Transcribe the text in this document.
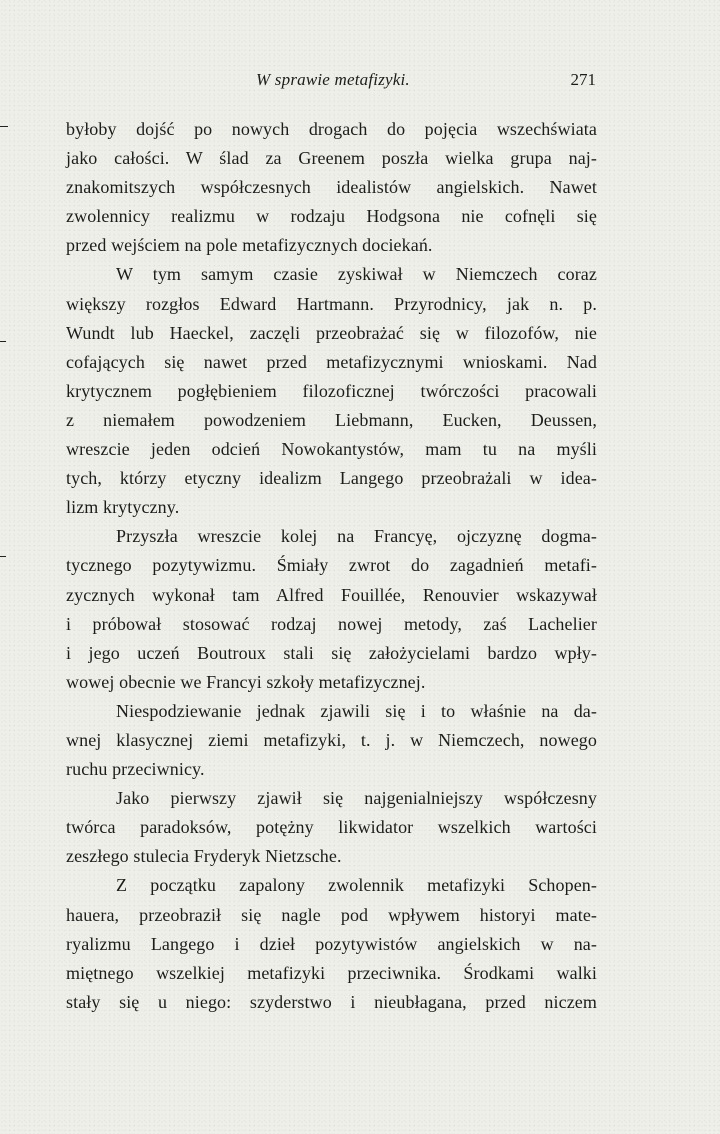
W sprawie metafizyki.	271
byłoby dojść po nowych drogach do pojęcia wszechświata
jako całości. W ślad za Greenem poszła wielka grupa naj-
znakomitszych współczesnych idealistów angielskich. Nawet
zwolennicy realizmu w rodzaju Hodgsona nie cofnęli się
przed wejściem na pole metafizycznych dociekań.
W tym samym czasie zyskiwał w Niemczech coraz
większy rozgłos Edward Hartmann. Przyrodnicy, jak n. p.
Wundt lub Haeckel, zaczęli przeobrażać się w filozofów, nie
cofających się nawet przed metafizycznymi wnioskami. Nad
krytycznem pogłębieniem filozoficznej twórczości pracowali
z niemałem powodzeniem Liebmann, Eucken, Deussen,
wreszcie jeden odcień Nowokantystów, mam tu na myśli
tych, którzy etyczny idealizm Langego przeobrażali w idea-
lizm krytyczny.
Przyszła wreszcie kolej na Francyę, ojczyznę dogma-
tycznego pozytywizmu. Śmiały zwrot do zagadnień metafi-
zycznych wykonał tam Alfred Fouillée, Renouvier wskazywał
i próbował stosować rodzaj nowej metody, zaś Lachelier
i jego uczeń Boutroux stali się założycielami bardzo wpły-
wowej obecnie we Francyi szkoły metafizycznej.
Niespodziewanie jednak zjawili się i to właśnie na da-
wnej klasycznej ziemi metafizyki, t. j. w Niemczech, nowego
ruchu przeciwnicy.
Jako pierwszy zjawił się najgenialniejszy współczesny
twórca paradoksów, potężny likwidator wszelkich wartości
zeszłego stulecia Fryderyk Nietzsche.
Z początku zapalony zwolennik metafizyki Schopen-
hauera, przeobraził się nagle pod wpływem historyi mate-
ryalizmu Langego i dzieł pozytywistów angielskich w na-
miętnego wszelkiej metafizyki przeciwnika. Środkami walki
stały się u niego: szyderstwo i nieubłagana, przed niczem
